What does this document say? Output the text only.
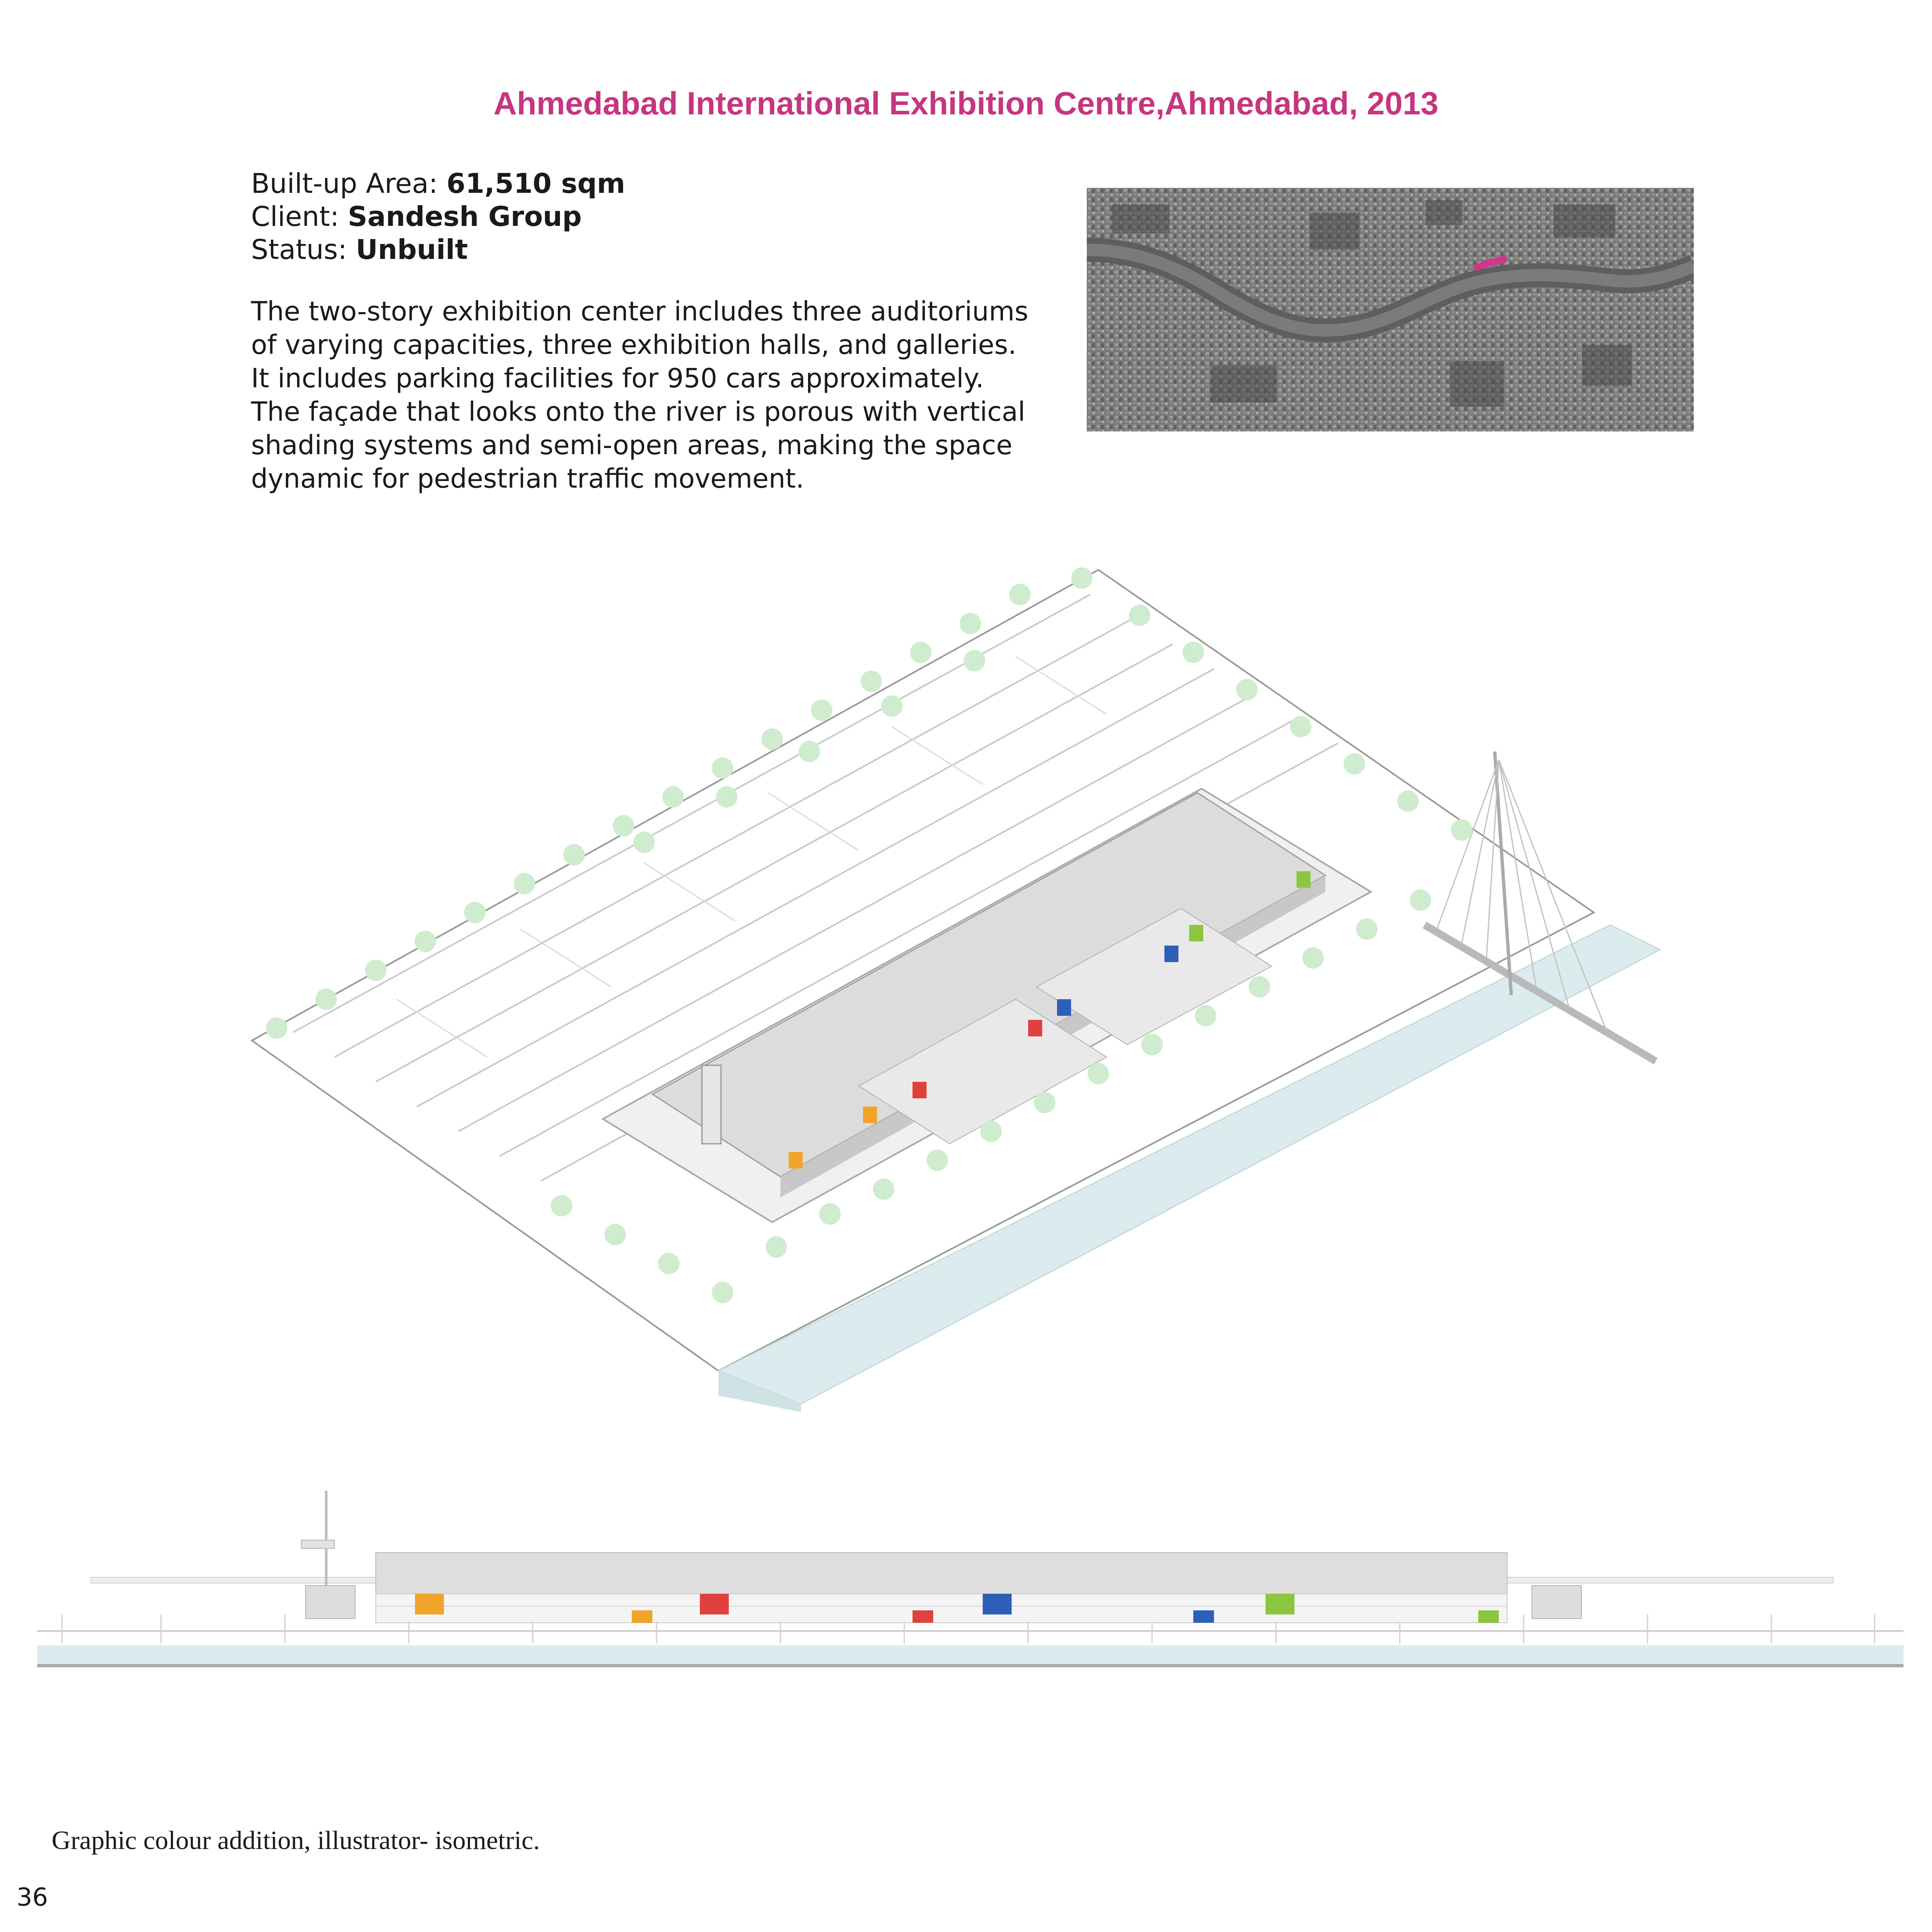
Ahmedabad International Exhibition Centre,Ahmedabad, 2013
Built-up Area: 61,510 sqm
Client: Sandesh Group
Status: Unbuilt

The two-story exhibition center includes three auditoriums
of varying capacities, three exhibition halls, and galleries.
It includes parking facilities for 950 cars approximately.
The façade that looks onto the river is porous with vertical
shading systems and semi-open areas, making the space
dynamic for pedestrian traffic movement.

Graphic colour addition, illustrator- isometric.
36
